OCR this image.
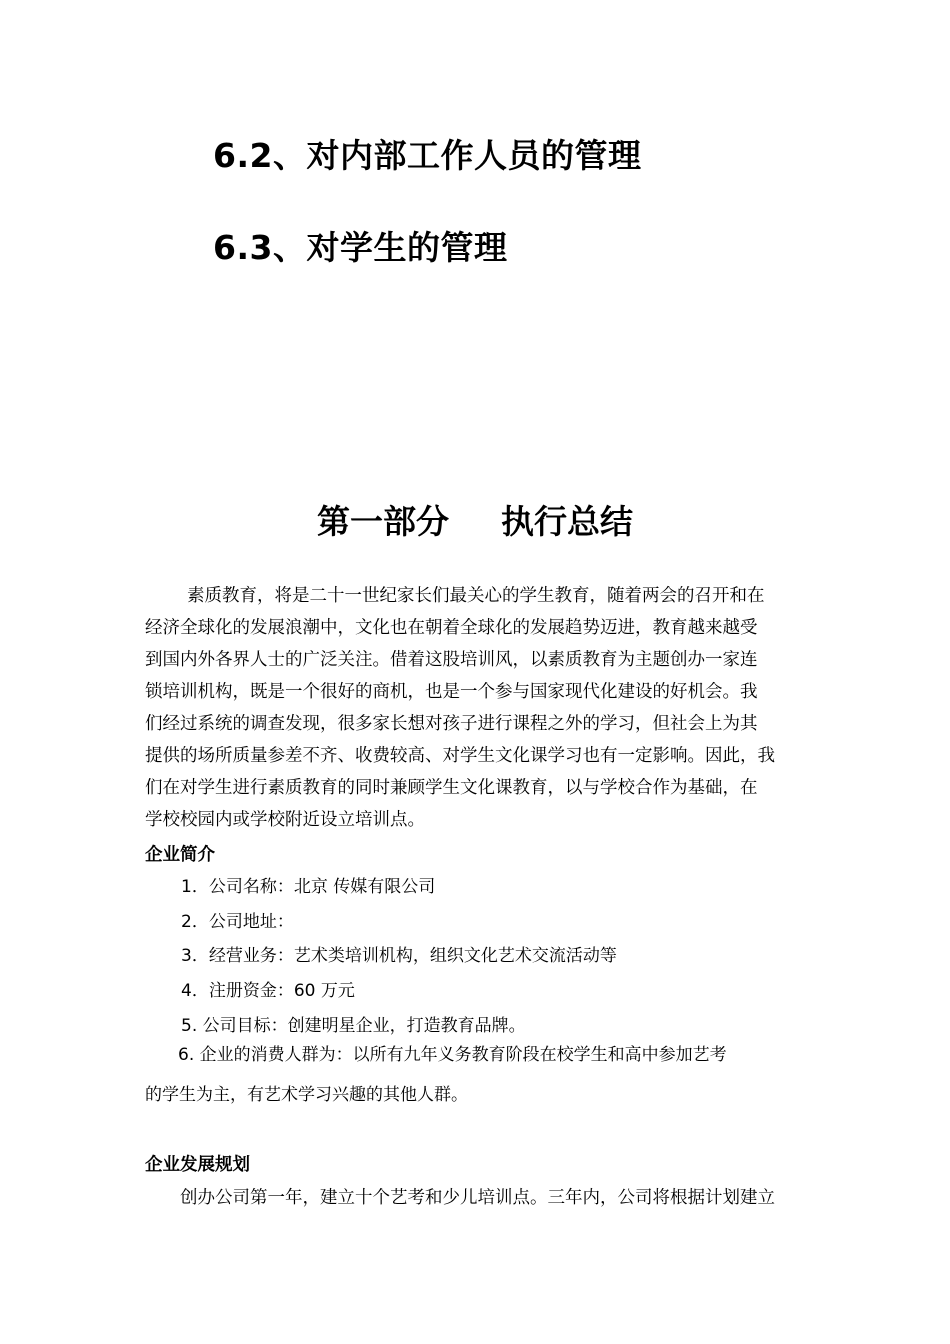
6.2、对内部工作人员的管理
6.3、对学生的管理
第一部分 执行总结
素质教育，将是二十一世纪家长们最关心的学生教育，随着两会的召开和在
经济全球化的发展浪潮中，文化也在朝着全球化的发展趋势迈进，教育越来越受
到国内外各界人士的广泛关注。借着这股培训风，以素质教育为主题创办一家连
锁培训机构，既是一个很好的商机，也是一个参与国家现代化建设的好机会。我
们经过系统的调查发现，很多家长想对孩子进行课程之外的学习，但社会上为其
提供的场所质量参差不齐、收费较高、对学生文化课学习也有一定影响。因此，我
们在对学生进行素质教育的同时兼顾学生文化课教育，以与学校合作为基础，在
学校校园内或学校附近设立培训点。
企业简介
1．公司名称：北京 传媒有限公司
2．公司地址：
3．经营业务：艺术类培训机构，组织文化艺术交流活动等
4．注册资金：60 万元
5. 公司目标：创建明星企业，打造教育品牌。
6. 企业的消费人群为：以所有九年义务教育阶段在校学生和高中参加艺考
的学生为主，有艺术学习兴趣的其他人群。
企业发展规划
创办公司第一年，建立十个艺考和少儿培训点。三年内，公司将根据计划建立
